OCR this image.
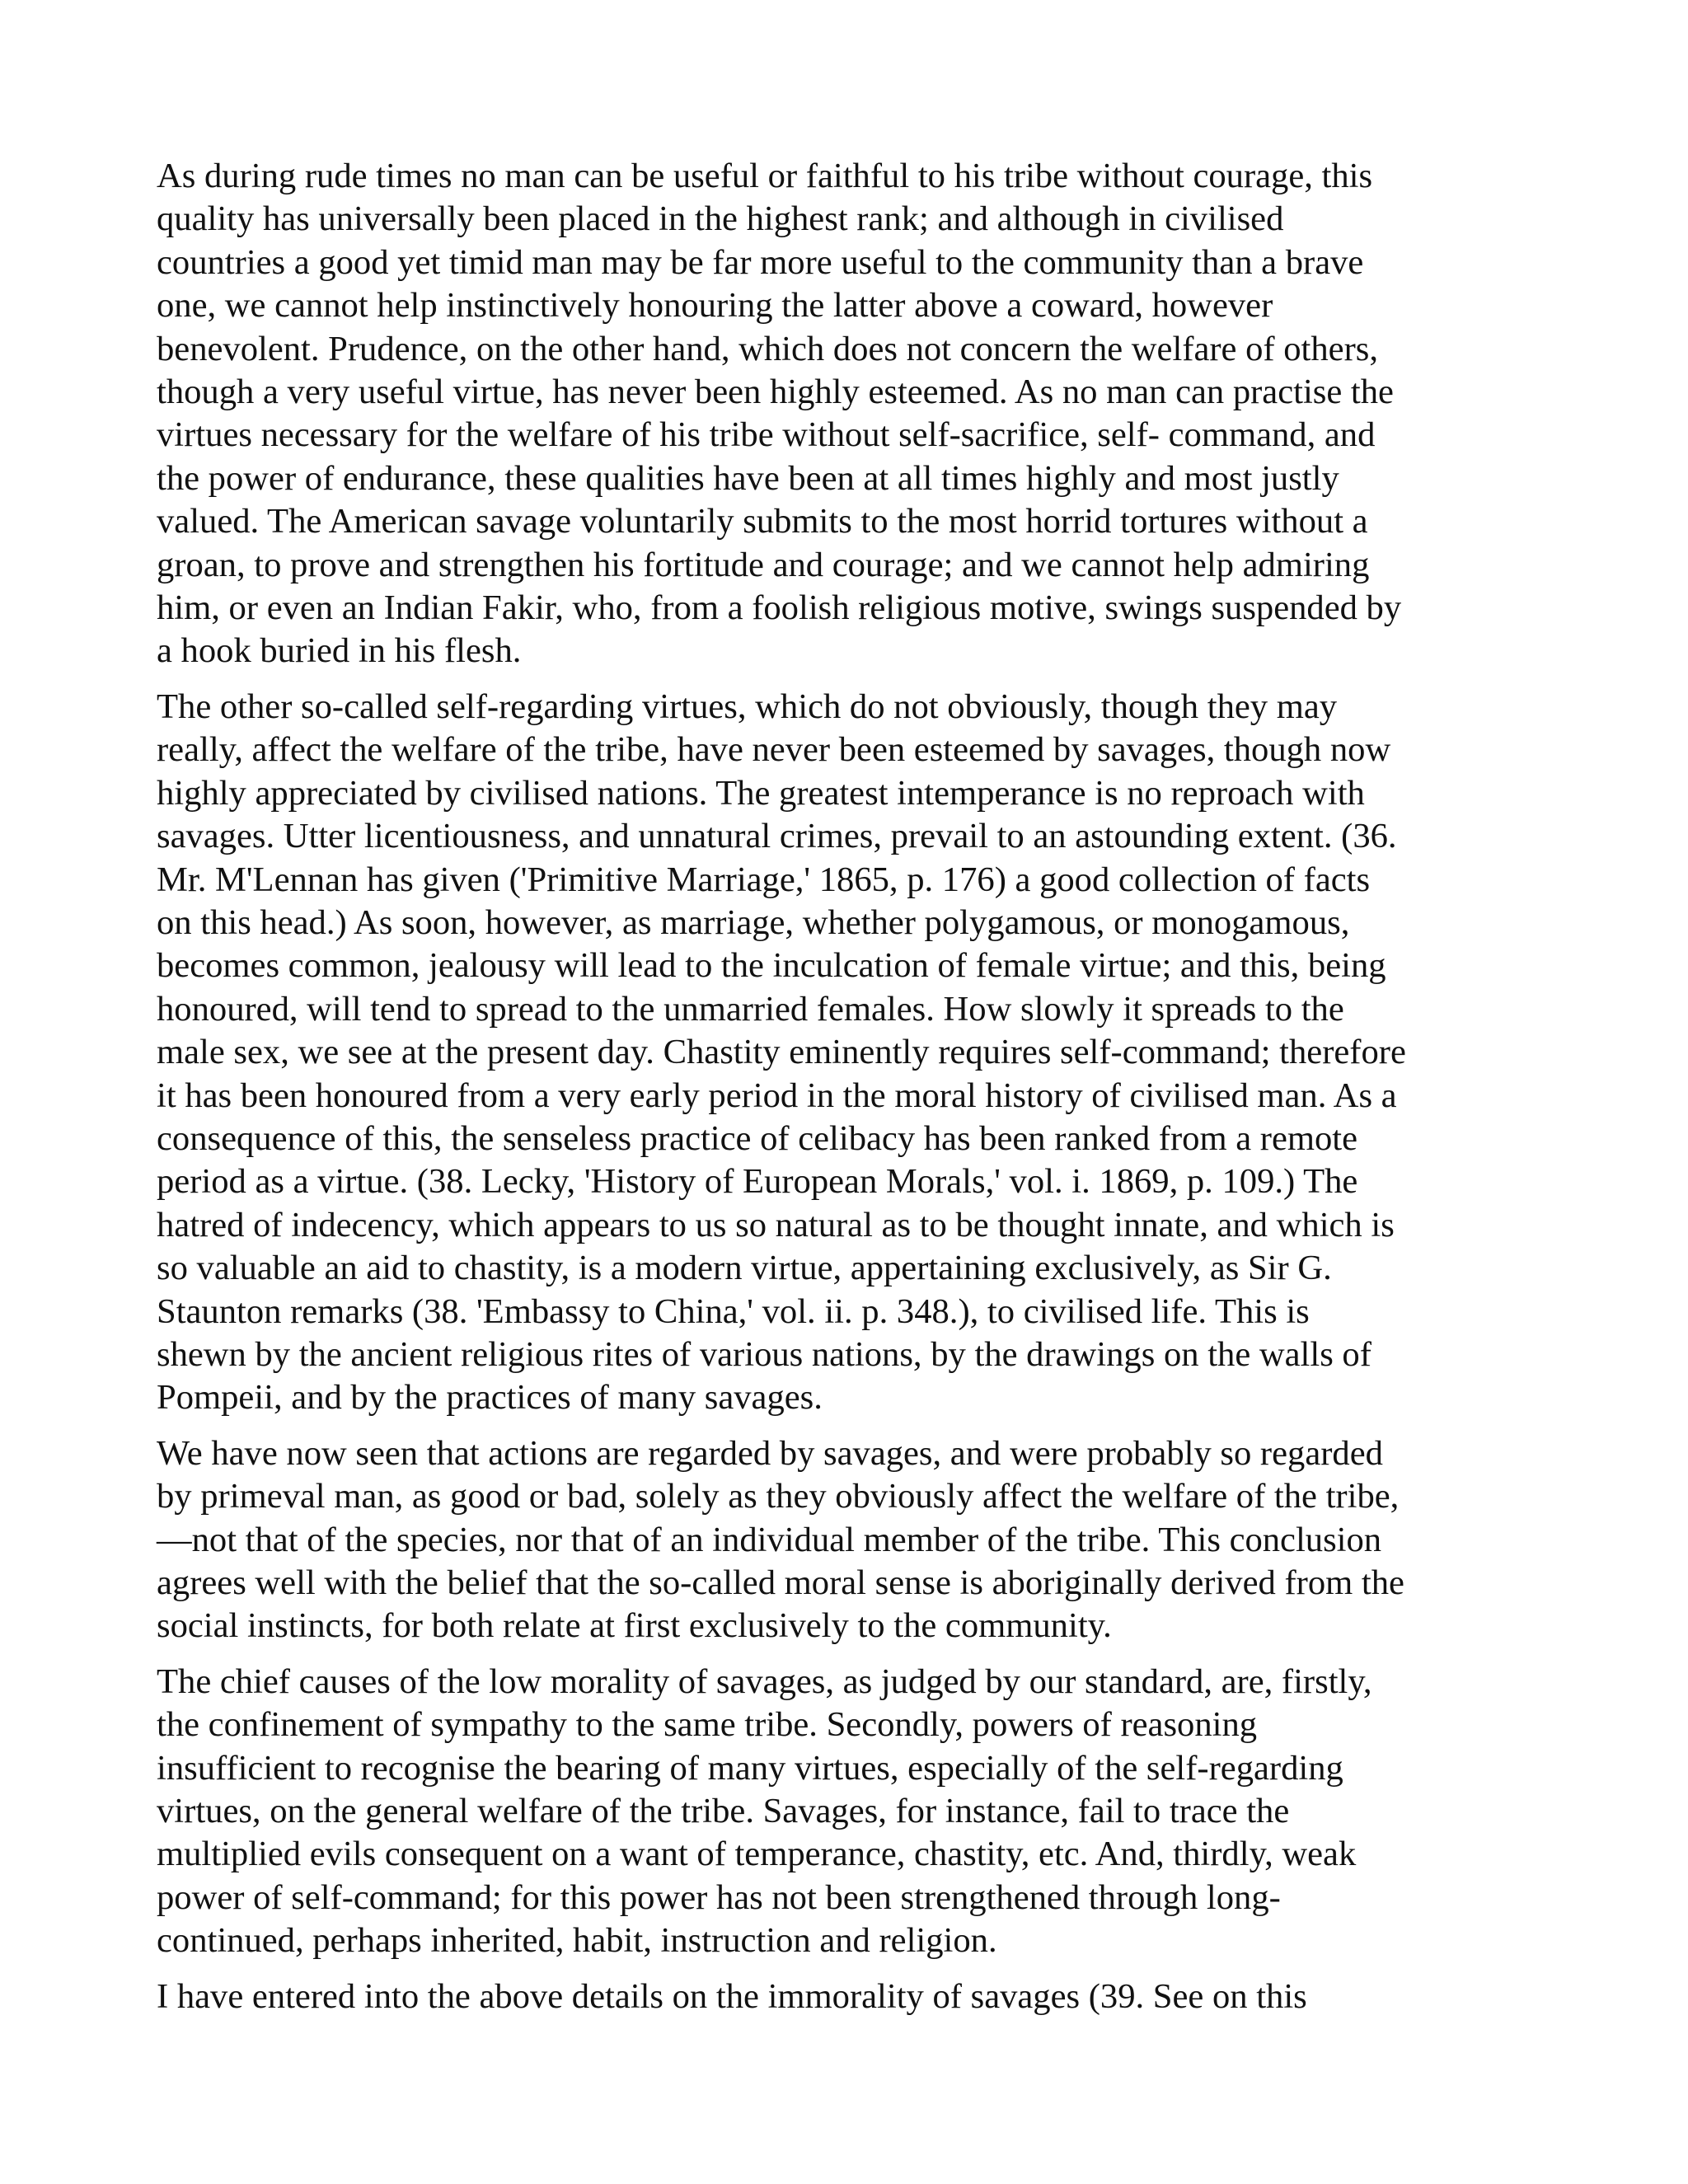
As during rude times no man can be useful or faithful to his tribe without courage, this
quality has universally been placed in the highest rank; and although in civilised
countries a good yet timid man may be far more useful to the community than a brave
one, we cannot help instinctively honouring the latter above a coward, however
benevolent. Prudence, on the other hand, which does not concern the welfare of others,
though a very useful virtue, has never been highly esteemed. As no man can practise the
virtues necessary for the welfare of his tribe without self-sacrifice, self- command, and
the power of endurance, these qualities have been at all times highly and most justly
valued. The American savage voluntarily submits to the most horrid tortures without a
groan, to prove and strengthen his fortitude and courage; and we cannot help admiring
him, or even an Indian Fakir, who, from a foolish religious motive, swings suspended by
a hook buried in his flesh.

The other so-called self-regarding virtues, which do not obviously, though they may
really, affect the welfare of the tribe, have never been esteemed by savages, though now
highly appreciated by civilised nations. The greatest intemperance is no reproach with
savages. Utter licentiousness, and unnatural crimes, prevail to an astounding extent. (36.
Mr. M'Lennan has given ('Primitive Marriage,' 1865, p. 176) a good collection of facts
on this head.) As soon, however, as marriage, whether polygamous, or monogamous,
becomes common, jealousy will lead to the inculcation of female virtue; and this, being
honoured, will tend to spread to the unmarried females. How slowly it spreads to the
male sex, we see at the present day. Chastity eminently requires self-command; therefore
it has been honoured from a very early period in the moral history of civilised man. As a
consequence of this, the senseless practice of celibacy has been ranked from a remote
period as a virtue. (38. Lecky, 'History of European Morals,' vol. i. 1869, p. 109.) The
hatred of indecency, which appears to us so natural as to be thought innate, and which is
so valuable an aid to chastity, is a modern virtue, appertaining exclusively, as Sir G.
Staunton remarks (38. 'Embassy to China,' vol. ii. p. 348.), to civilised life. This is
shewn by the ancient religious rites of various nations, by the drawings on the walls of
Pompeii, and by the practices of many savages.

We have now seen that actions are regarded by savages, and were probably so regarded
by primeval man, as good or bad, solely as they obviously affect the welfare of the tribe,
—not that of the species, nor that of an individual member of the tribe. This conclusion
agrees well with the belief that the so-called moral sense is aboriginally derived from the
social instincts, for both relate at first exclusively to the community.

The chief causes of the low morality of savages, as judged by our standard, are, firstly,
the confinement of sympathy to the same tribe. Secondly, powers of reasoning
insufficient to recognise the bearing of many virtues, especially of the self-regarding
virtues, on the general welfare of the tribe. Savages, for instance, fail to trace the
multiplied evils consequent on a want of temperance, chastity, etc. And, thirdly, weak
power of self-command; for this power has not been strengthened through long-
continued, perhaps inherited, habit, instruction and religion.

I have entered into the above details on the immorality of savages (39. See on this
